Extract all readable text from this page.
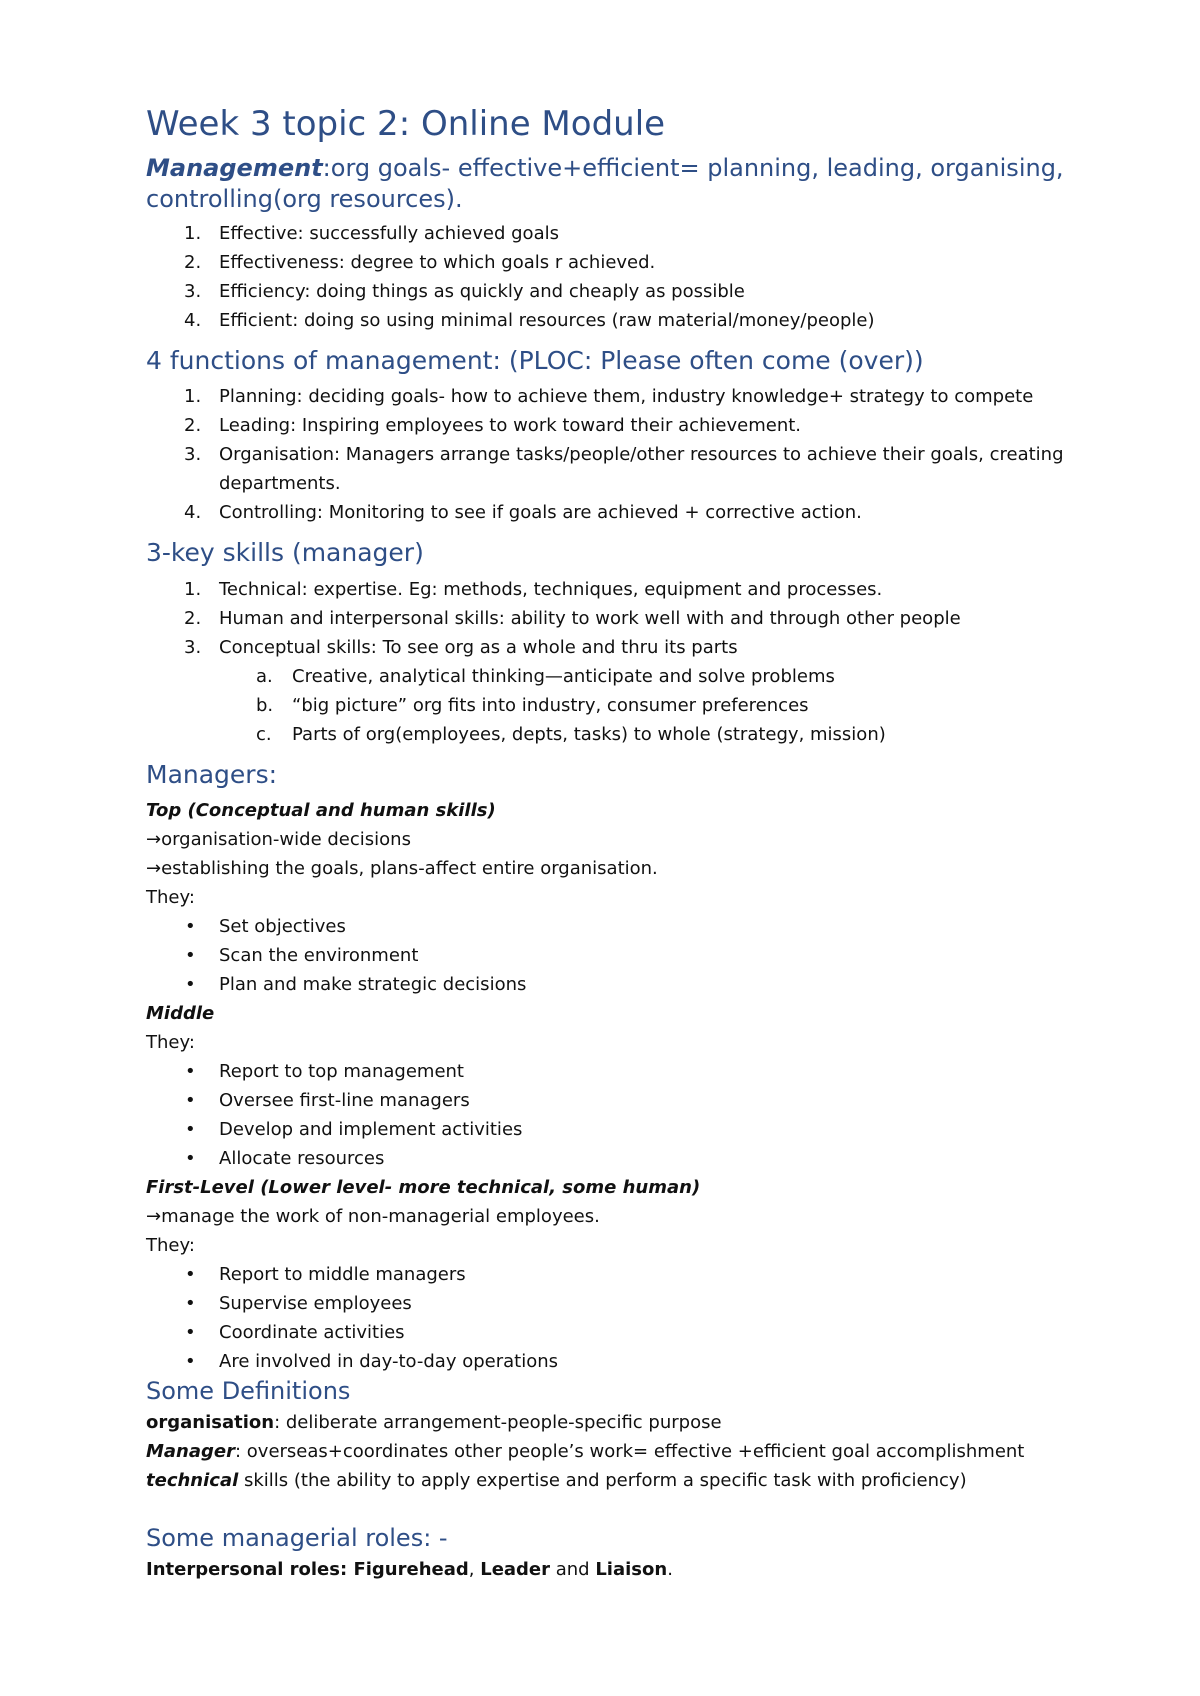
Week 3 topic 2: Online Module
Management:org goals- effective+efficient= planning, leading, organising, controlling(org resources).
1. Effective: successfully achieved goals
2. Effectiveness: degree to which goals r achieved.
3. Efficiency: doing things as quickly and cheaply as possible
4. Efficient: doing so using minimal resources (raw material/money/people)
4 functions of management: (PLOC: Please often come (over))
1. Planning: deciding goals- how to achieve them, industry knowledge+ strategy to compete
2. Leading: Inspiring employees to work toward their achievement.
3. Organisation: Managers arrange tasks/people/other resources to achieve their goals, creating departments.
4. Controlling: Monitoring to see if goals are achieved + corrective action.
3-key skills (manager)
1. Technical: expertise. Eg: methods, techniques, equipment and processes.
2. Human and interpersonal skills: ability to work well with and through other people
3. Conceptual skills: To see org as a whole and thru its parts
a.	Creative, analytical thinking—anticipate and solve problems
b.	“big picture” org fits into industry, consumer preferences
c.	Parts of org(employees, depts, tasks) to whole (strategy, mission)
Managers:
Top (Conceptual and human skills)
→organisation-wide decisions
→establishing the goals, plans-affect entire organisation.
They:
• Set objectives
• Scan the environment
• Plan and make strategic decisions
Middle
They:
• Report to top management
• Oversee first-line managers
• Develop and implement activities
• Allocate resources
First-Level (Lower level- more technical, some human)
→manage the work of non-managerial employees.
They:
• Report to middle managers
• Supervise employees
• Coordinate activities
• Are involved in day-to-day operations
Some Definitions
organisation: deliberate arrangement-people-specific purpose
Manager: overseas+coordinates other people’s work= effective +efficient goal accomplishment
technical skills (the ability to apply expertise and perform a specific task with proficiency)
Some managerial roles: -
Interpersonal roles: Figurehead, Leader and Liaison.
